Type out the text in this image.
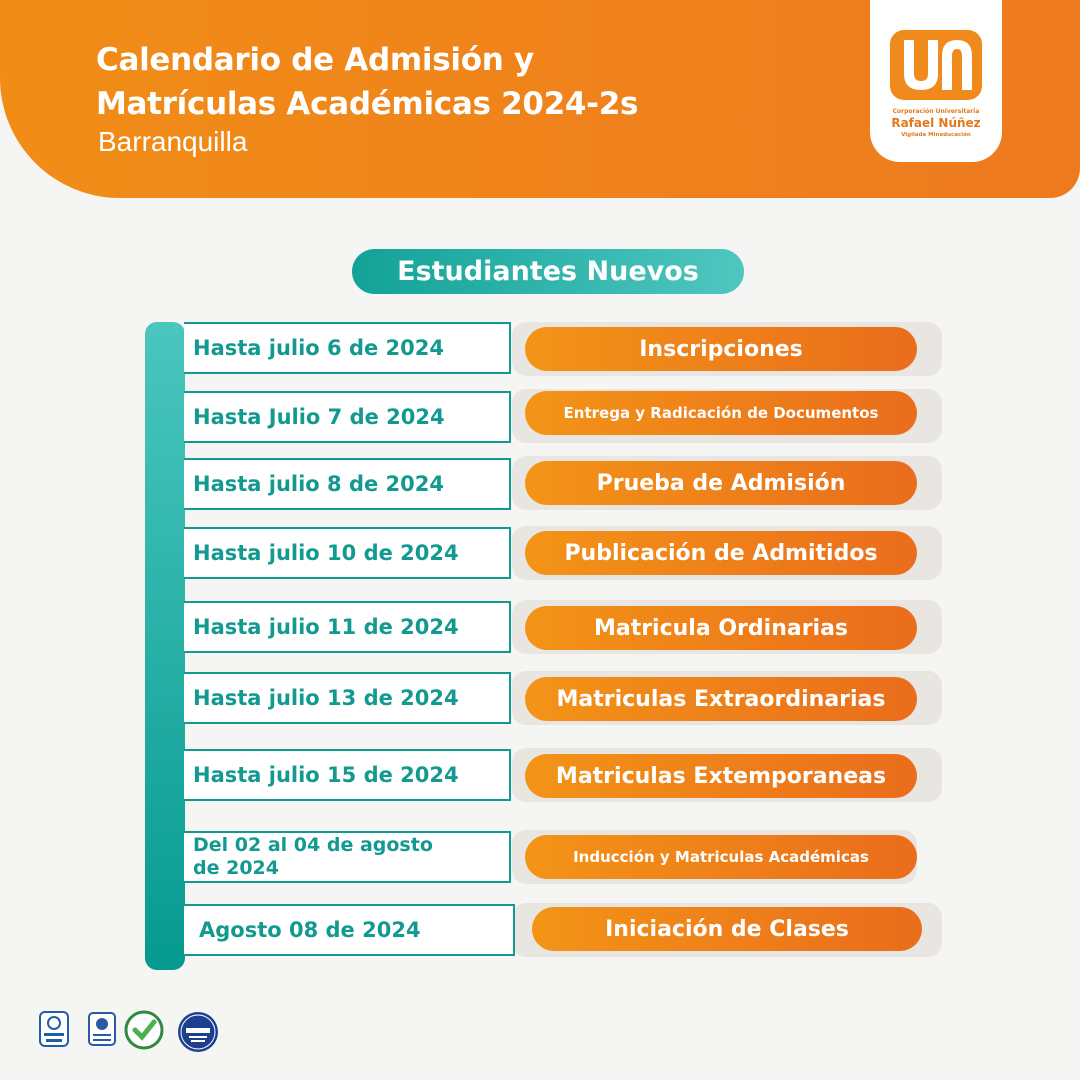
Calendario de Admisión y
Matrículas Académicas 2024-2s
Barranquilla
Corporación Universitaria
Rafael Núñez
Vigilada Mineducación
Estudiantes Nuevos
Hasta julio 6 de 2024	Inscripciones
Hasta Julio 7 de 2024	Entrega y Radicación de Documentos
Hasta julio 8 de 2024	Prueba de Admisión
Hasta julio 10 de 2024	Publicación de Admitidos
Hasta julio 11 de 2024	Matricula Ordinarias
Hasta julio 13 de 2024	Matriculas Extraordinarias
Hasta julio 15 de 2024	Matriculas Extemporaneas
Del 02 al 04 de agosto
de 2024	Inducción y Matriculas Académicas
Agosto 08 de 2024	Iniciación de Clases
